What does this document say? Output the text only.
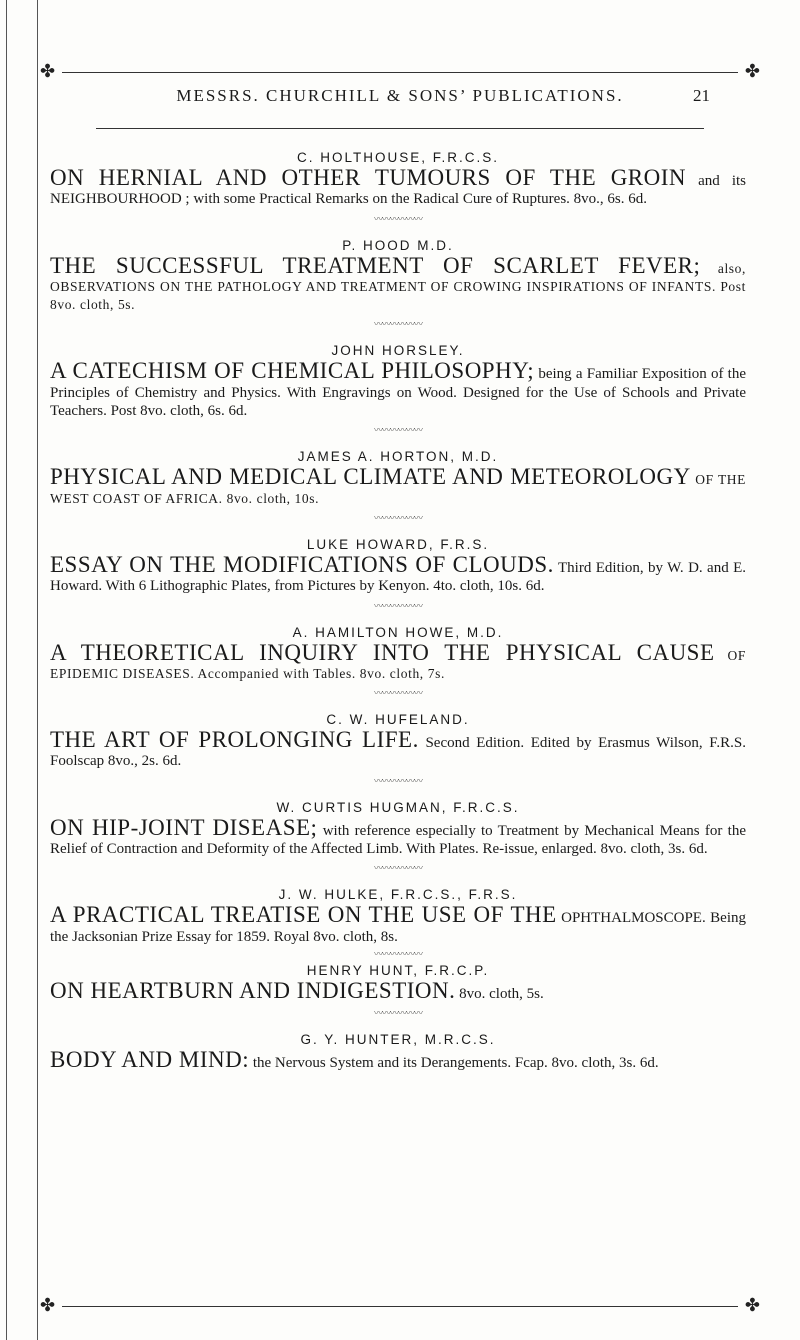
✤	✤
✤	✤
MESSRS. CHURCHILL & SONS’ PUBLICATIONS.	21

C. HOLTHOUSE, F.R.C.S.

ON HERNIAL AND OTHER TUMOURS OF THE GROIN and its NEIGHBOURHOOD ; with some Practical Remarks on the Radical Cure of Ruptures. 8vo., 6s. 6d.

〰〰〰〰〰〰

P. HOOD M.D.

THE SUCCESSFUL TREATMENT OF SCARLET FEVER; also, OBSERVATIONS ON THE PATHOLOGY AND TREATMENT OF CROWING INSPIRATIONS OF INFANTS. Post 8vo. cloth, 5s.

〰〰〰〰〰〰

JOHN HORSLEY.

A CATECHISM OF CHEMICAL PHILOSOPHY; being a Familiar Exposition of the Principles of Chemistry and Physics. With Engravings on Wood. Designed for the Use of Schools and Private Teachers. Post 8vo. cloth, 6s. 6d.

〰〰〰〰〰〰

JAMES A. HORTON, M.D.

PHYSICAL AND MEDICAL CLIMATE AND METEOROLOGY OF THE WEST COAST OF AFRICA. 8vo. cloth, 10s.

〰〰〰〰〰〰

LUKE HOWARD, F.R.S.

ESSAY ON THE MODIFICATIONS OF CLOUDS. Third Edition, by W. D. and E. Howard. With 6 Lithographic Plates, from Pictures by Kenyon. 4to. cloth, 10s. 6d.

〰〰〰〰〰〰

A. HAMILTON HOWE, M.D.

A THEORETICAL INQUIRY INTO THE PHYSICAL CAUSE OF EPIDEMIC DISEASES. Accompanied with Tables. 8vo. cloth, 7s.

〰〰〰〰〰〰

C. W. HUFELAND.

THE ART OF PROLONGING LIFE. Second Edition. Edited by Erasmus Wilson, F.R.S. Foolscap 8vo., 2s. 6d.

〰〰〰〰〰〰

W. CURTIS HUGMAN, F.R.C.S.

ON HIP-JOINT DISEASE; with reference especially to Treatment by Mechanical Means for the Relief of Contraction and Deformity of the Affected Limb. With Plates. Re-issue, enlarged. 8vo. cloth, 3s. 6d.

〰〰〰〰〰〰

J. W. HULKE, F.R.C.S., F.R.S.

A PRACTICAL TREATISE ON THE USE OF THE OPHTHALMOSCOPE. Being the Jacksonian Prize Essay for 1859. Royal 8vo. cloth, 8s.

〰〰〰〰〰〰

HENRY HUNT, F.R.C.P.

ON HEARTBURN AND INDIGESTION. 8vo. cloth, 5s.

〰〰〰〰〰〰

G. Y. HUNTER, M.R.C.S.

BODY AND MIND: the Nervous System and its Derangements. Fcap. 8vo. cloth, 3s. 6d.
